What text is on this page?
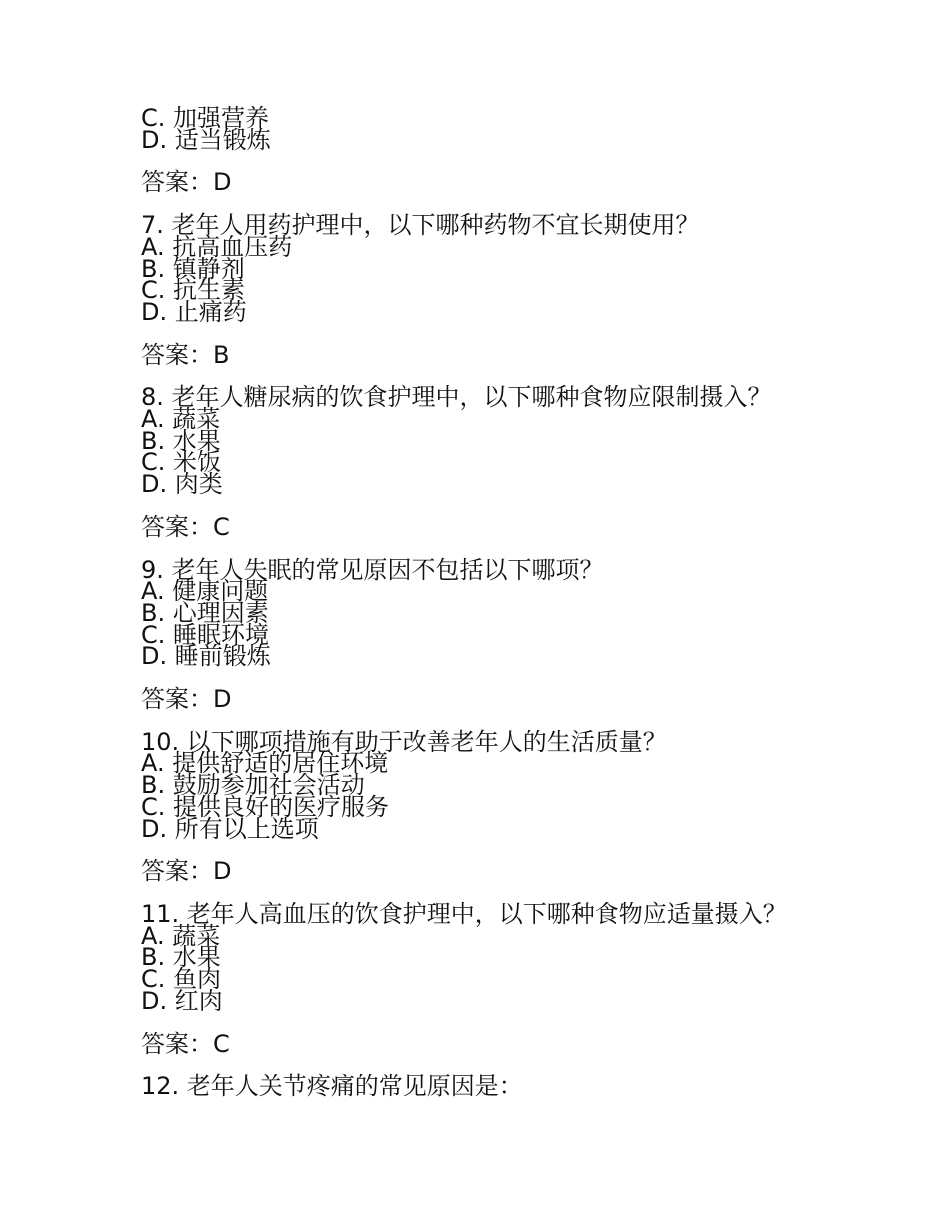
C. 加强营养
D. 适当锻炼
答案：D
7. 老年人用药护理中，以下哪种药物不宜长期使用？
A. 抗高血压药
B. 镇静剂
C. 抗生素
D. 止痛药
答案：B
8. 老年人糖尿病的饮食护理中，以下哪种食物应限制摄入？
A. 蔬菜
B. 水果
C. 米饭
D. 肉类
答案：C
9. 老年人失眠的常见原因不包括以下哪项？
A. 健康问题
B. 心理因素
C. 睡眠环境
D. 睡前锻炼
答案：D
10. 以下哪项措施有助于改善老年人的生活质量？
A. 提供舒适的居住环境
B. 鼓励参加社会活动
C. 提供良好的医疗服务
D. 所有以上选项
答案：D
11. 老年人高血压的饮食护理中，以下哪种食物应适量摄入？
A. 蔬菜
B. 水果
C. 鱼肉
D. 红肉
答案：C
12. 老年人关节疼痛的常见原因是：
